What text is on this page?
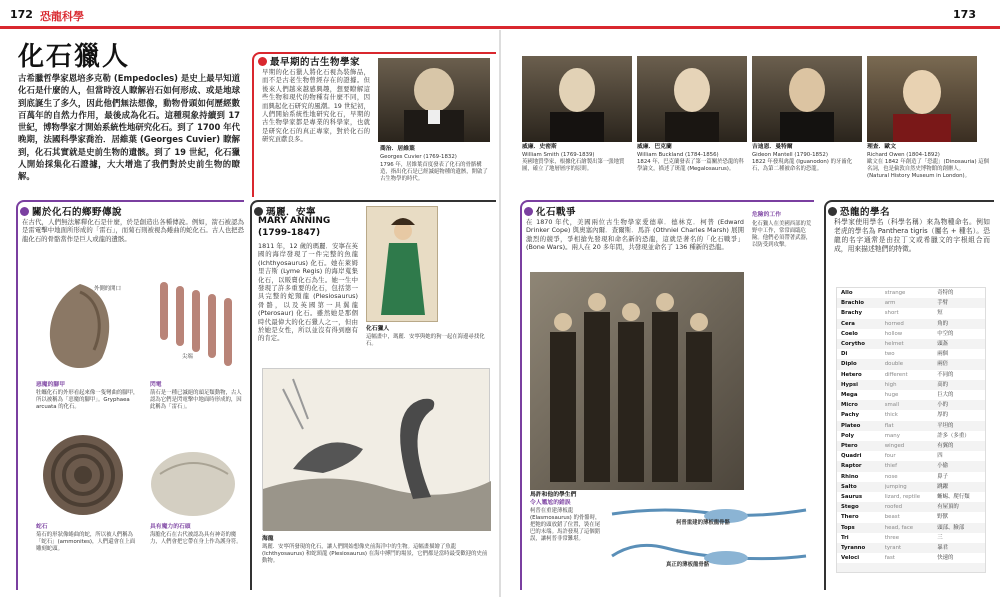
172 恐龍科學	173
化石獵人
古希臘哲學家恩培多克勒 (Empedocles) 是史上最早知道化石是什麼的人，但當時沒人瞭解岩石如何形成、或是地球到底誕生了多久，因此他們無法想像，動物骨頭如何歷經數百萬年的自然力作用，最後成為化石。這種現象持續到 17 世紀，博物學家才開始系統性地研究化石。到了 1700 年代晚期，法國科學家喬治．居維葉 (Georges Cuvier) 瞭解到，化石其實就是史前生物的遺骸。到了 19 世紀，化石獵人開始採集化石證據，大大增進了我們對於史前生物的瞭解。
最早期的古生物學家
早期的化石獵人將化石視為裝飾品，而不是古老生物曾經存在的證據。但後來人們越來越感興趣，想要瞭解這些生物和現代的物種有什麼不同，因而興起化石研究的風潮。19 世紀初，人們開始系統性地研究化石，早期的古生物學家都是專業的科學家，也就是研究化石的真正專家，對於化石的研究貢獻良多。
喬治．居維葉
Georges Cuvier (1769-1832)
1796 年，居維葉首度發表了化石的骨骼構造，指出化石是已經滅絕物種的遺骸，開啟了古生物學的時代。
威廉．史密斯
William Smith (1769-1839)
英國地質學家，根據化石繪製出第一張地質圖，確立了地層層序的原則。
威廉．巴克蘭
William Buckland (1784-1856)
1824 年，巴克蘭發表了第一篇關於恐龍的科學論文，描述了斑龍 (Megalosaurus)。
吉迪恩．曼特爾
Gideon Mantell (1790-1852)
1822 年發現禽龍 (Iguanodon) 的牙齒化石，為第二種被命名的恐龍。
理查．歐文
Richard Owen (1804-1892)
歐文在 1842 年創造了「恐龍」(Dinosauria) 這個名詞，也是倫敦自然史博物館的創辦人。
(Natural History Museum in London)。
關於化石的鄉野傳說
在古代，人們無法解釋化石是什麼，於是創造出各種傳說。例如，箭石被認為是雷電擊中地面所形成的「雷石」，而菊石則被視為蜷曲的蛇化石。古人也把恐龍化石的骨骼當作是巨人或龍的遺骸。
外側的開口
尖端
惡魔的腳甲
牡蠣化石的外形看起來像一隻彎曲的腳甲，所以被稱為「惡魔的腳甲」。Gryphaea arcuata 的化石。
閃電
箭石是一種已滅絕的頭足類動物，古人認為它們是閃電擊中地面時形成的，因此稱為「雷石」。
蛇石
菊石的形狀像蜷曲的蛇，所以被人們稱為「蛇石」(ammonites)，人們還會在上面雕刻蛇頭。
具有魔力的石頭
海膽化石在古代被認為具有神奇的魔力，人們會把它帶在身上作為護身符。
瑪麗．安寧
MARY ANNING
(1799-1847)
1811 年，12 歲的瑪麗．安寧在英國的海岸發現了一件完整的魚龍 (Ichthyosaurus) 化石。她在萊姆里吉斯 (Lyme Regis) 的海岸蒐集化石，以販賣化石為生。她一生中發現了許多重要的化石，包括第一具完整的蛇頸龍 (Plesiosaurus) 骨骼，以及英國第一具翼龍 (Pterosaur) 化石。雖然她是那個時代最偉大的化石獵人之一，但由於她是女性，所以並沒有得到應有的肯定。
化石獵人
這幅畫中，瑪麗．安寧與她的狗一起在海邊尋找化石。
海龍
瑪麗．安寧所發現的化石，讓人們開始想像史前海洋中的生物。這幅畫描繪了魚龍 (Ichthyosaurus) 和蛇頸龍 (Plesiosaurus) 在海中搏鬥的場景，它們都是當時最受歡迎的史前動物。
化石戰爭
在 1870 年代，美國兩位古生物學家愛德華．德林克．柯普 (Edward Drinker Cope) 與奧塞內爾．查爾斯．馬許 (Othniel Charles Marsh) 展開激烈的競爭，爭相搶先發現和命名新的恐龍，這就是著名的「化石戰爭」(Bone Wars)。兩人在 20 多年間，共發現並命名了 136 種新的恐龍。
危險的工作
化石獵人在美國西部的荒野中工作，常常面臨危險。他們必須帶著武器，以防受到攻擊。
馬許和他的學生們
令人尷尬的錯誤
柯普在重建薄板龍 (Elasmosaurus) 的骨骼時，把牠的頭放錯了位置，裝在尾巴的末端。馬許發現了這個錯誤，讓柯普非常難堪。
柯普重建的薄板龍骨骼
真正的薄板龍骨骼
恐龍的學名
科學家使用學名（科學名稱）來為物種命名。例如老虎的學名為 Panthera tigris（屬名 + 種名）。恐龍的名字通常是由拉丁文或希臘文的字根組合而成，用來描述牠們的特徵。
Allo	strange	奇特的
Brachio	arm	手臂
Brachy	short	短
Cera	horned	角的
Coelo	hollow	中空的
Corytho	helmet	頭盔
Di	two	兩個
Diplo	double	兩倍
Hetero	different	不同的
Hypsi	high	高的
Mega	huge	巨大的
Micro	small	小的
Pachy	thick	厚的
Plateo	flat	平坦的
Poly	many	許多（多重）
Ptero	winged	有翼的
Quadri	four	四
Raptor	thief	小偷
Rhino	nose	鼻子
Salto	jumping	跳躍
Saurus	lizard, reptile	蜥蜴、爬行類
Stego	roofed	有屋頂的
Thero	beast	野獸
Tops	head, face	頭部、臉部
Tri	three	三
Tyranno	tyrant	暴君
Veloci	fast	快速的
